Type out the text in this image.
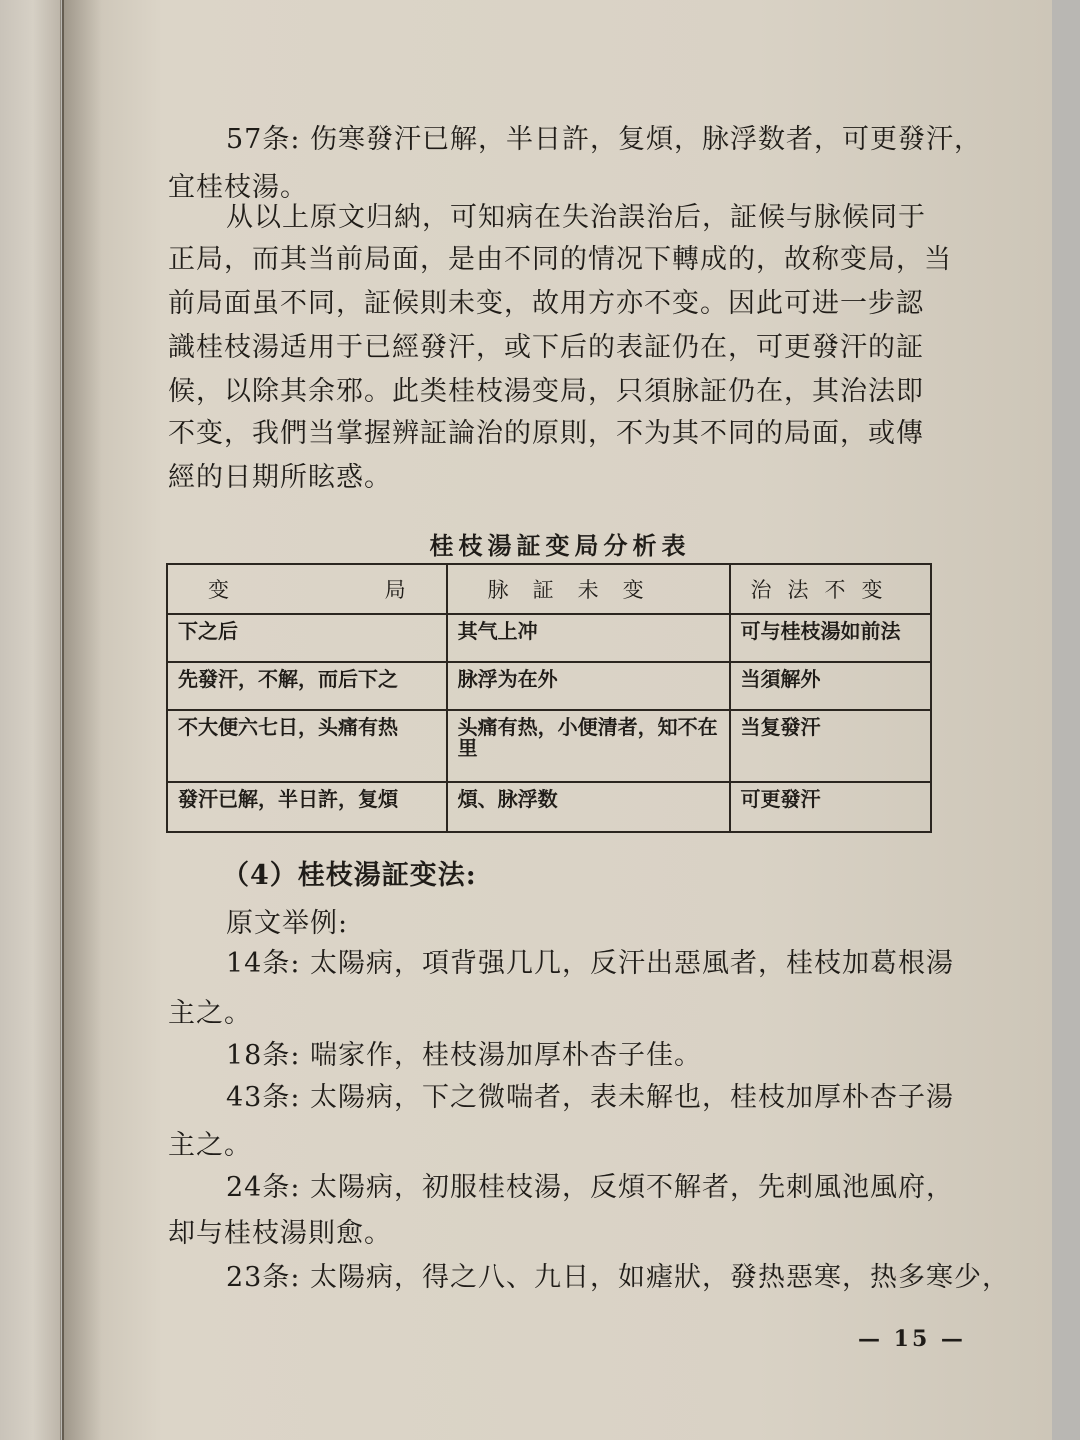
57条: 伤寒發汗已解，半日許，复煩，脉浮数者，可更發汗，
宜桂枝湯。
从以上原文归納，可知病在失治誤治后，証候与脉候同于
正局，而其当前局面，是由不同的情况下轉成的，故称变局，当
前局面虽不同，証候則未变，故用方亦不变。因此可进一步認
識桂枝湯适用于已經發汗，或下后的表証仍在，可更發汗的証
候，以除其余邪。此类桂枝湯变局，只須脉証仍在，其治法即
不变，我們当掌握辨証論治的原則，不为其不同的局面，或傳
經的日期所眩惑。
桂枝湯証变局分析表
变 局	脉証未变	治法不变
下之后	其气上冲	可与桂枝湯如前法
先發汗，不解，而后下之	脉浮为在外	当須解外
不大便六七日，头痛有热	头痛有热，小便清者，知不在里	当复發汗
發汗已解，半日許，复煩	煩、脉浮数	可更發汗
（4）桂枝湯証变法:
原文举例:
14条: 太陽病，項背强几几，反汗出惡風者，桂枝加葛根湯
主之。
18条: 喘家作，桂枝湯加厚朴杏子佳。
43条: 太陽病，下之微喘者，表未解也，桂枝加厚朴杏子湯
主之。
24条: 太陽病，初服桂枝湯，反煩不解者，先刺風池風府，
却与桂枝湯則愈。
23条: 太陽病，得之八、九日，如瘧狀，發热惡寒，热多寒少，
— 15 —
